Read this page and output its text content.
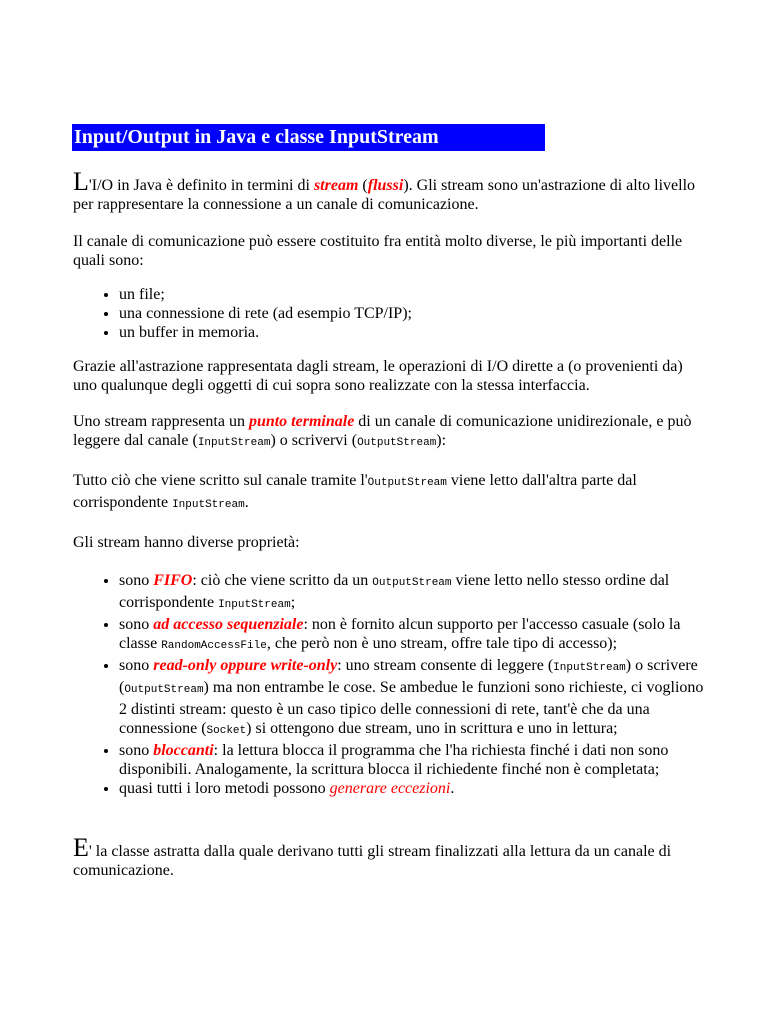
Input/Output in Java e classe InputStream

L'I/O in Java è definito in termini di stream (flussi). Gli stream sono un'astrazione di alto livello per rappresentare la connessione a un canale di comunicazione.

Il canale di comunicazione può essere costituito fra entità molto diverse, le più importanti delle quali sono:

• un file;
• una connessione di rete (ad esempio TCP/IP);
• un buffer in memoria.

Grazie all'astrazione rappresentata dagli stream, le operazioni di I/O dirette a (o provenienti da) uno qualunque degli oggetti di cui sopra sono realizzate con la stessa interfaccia.

Uno stream rappresenta un punto terminale di un canale di comunicazione unidirezionale, e può leggere dal canale (InputStream) o scrivervi (OutputStream):

Tutto ciò che viene scritto sul canale tramite l'OutputStream viene letto dall'altra parte dal corrispondente InputStream.

Gli stream hanno diverse proprietà:

• sono FIFO: ciò che viene scritto da un OutputStream viene letto nello stesso ordine dal corrispondente InputStream;
• sono ad accesso sequenziale: non è fornito alcun supporto per l'accesso casuale (solo la classe RandomAccessFile, che però non è uno stream, offre tale tipo di accesso);
• sono read-only oppure write-only: uno stream consente di leggere (InputStream) o scrivere (OutputStream) ma non entrambe le cose. Se ambedue le funzioni sono richieste, ci vogliono 2 distinti stream: questo è un caso tipico delle connessioni di rete, tant'è che da una connessione (Socket) si ottengono due stream, uno in scrittura e uno in lettura;
• sono bloccanti: la lettura blocca il programma che l'ha richiesta finché i dati non sono disponibili. Analogamente, la scrittura blocca il richiedente finché non è completata;
• quasi tutti i loro metodi possono generare eccezioni.

E' la classe astratta dalla quale derivano tutti gli stream finalizzati alla lettura da un canale di comunicazione.
